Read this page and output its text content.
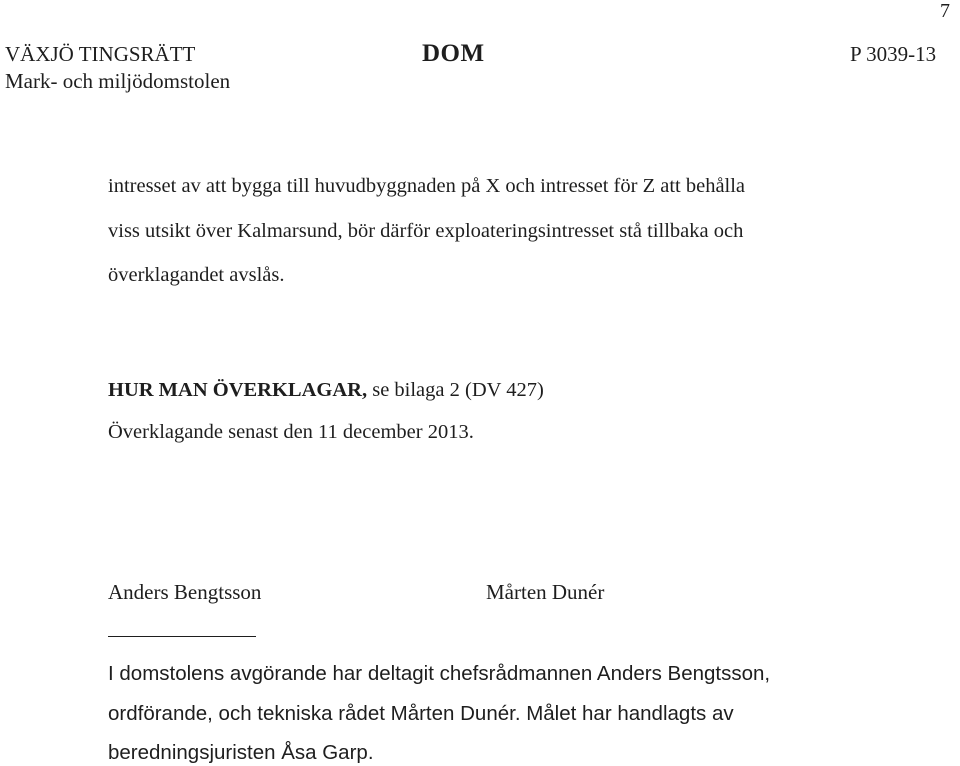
7
VÄXJÖ TINGSRÄTT
Mark- och miljödomstolen
DOM	P 3039-13
intresset av att bygga till huvudbyggnaden på X och intresset för Z att behålla
viss utsikt över Kalmarsund, bör därför exploateringsintresset stå tillbaka och
överklagandet avslås.
HUR MAN ÖVERKLAGAR, se bilaga 2 (DV 427)
Överklagande senast den 11 december 2013.
Anders Bengtsson	Mårten Dunér
I domstolens avgörande har deltagit chefsrådmannen Anders Bengtsson,
ordförande, och tekniska rådet Mårten Dunér. Målet har handlagts av
beredningsjuristen Åsa Garp.
